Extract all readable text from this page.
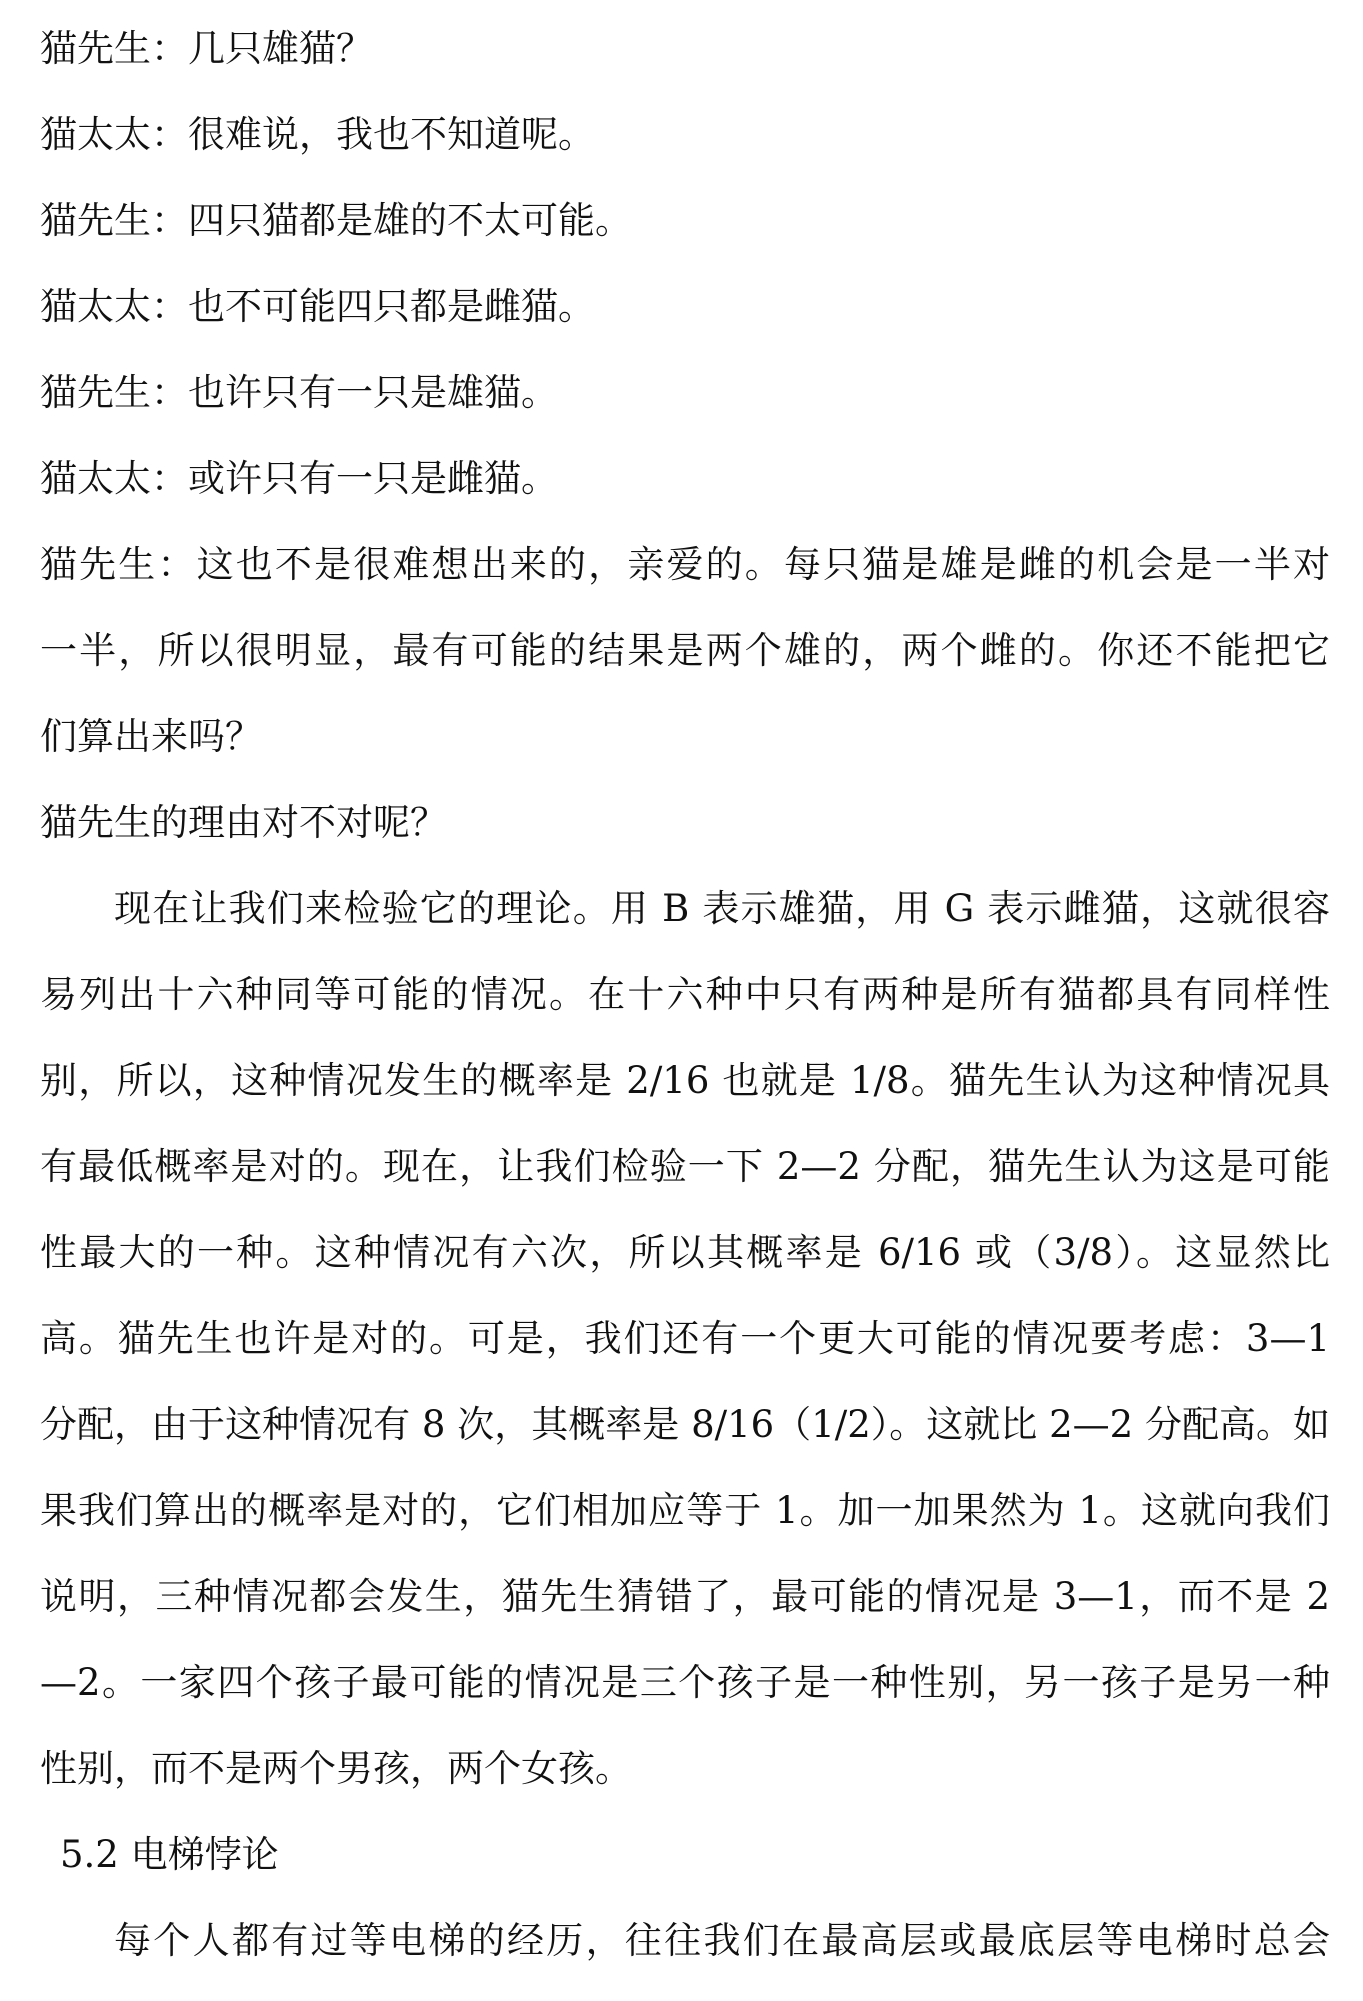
猫先生：几只雄猫？
猫太太：很难说，我也不知道呢。
猫先生：四只猫都是雄的不太可能。
猫太太：也不可能四只都是雌猫。
猫先生：也许只有一只是雄猫。
猫太太：或许只有一只是雌猫。
猫先生：这也不是很难想出来的，亲爱的。每只猫是雄是雌的机会是一半对
一半，所以很明显，最有可能的结果是两个雄的，两个雌的。你还不能把它
们算出来吗？
猫先生的理由对不对呢？
现在让我们来检验它的理论。用 B 表示雄猫，用 G 表示雌猫，这就很容
易列出十六种同等可能的情况。在十六种中只有两种是所有猫都具有同样性
别，所以，这种情况发生的概率是 2/16 也就是 1/8。猫先生认为这种情况具
有最低概率是对的。现在，让我们检验一下 2—2 分配，猫先生认为这是可能
性最大的一种。这种情况有六次，所以其概率是 6/16 或（3/8）。这显然比
高。猫先生也许是对的。可是，我们还有一个更大可能的情况要考虑：3—1
分配，由于这种情况有 8 次，其概率是 8/16（1/2）。这就比 2—2 分配高。如
果我们算出的概率是对的，它们相加应等于 1。加一加果然为 1。这就向我们
说明，三种情况都会发生，猫先生猜错了，最可能的情况是 3—1，而不是 2
—2。一家四个孩子最可能的情况是三个孩子是一种性别，另一孩子是另一种
性别，而不是两个男孩，两个女孩。
5.2 电梯悖论
每个人都有过等电梯的经历，往往我们在最高层或最底层等电梯时总会
